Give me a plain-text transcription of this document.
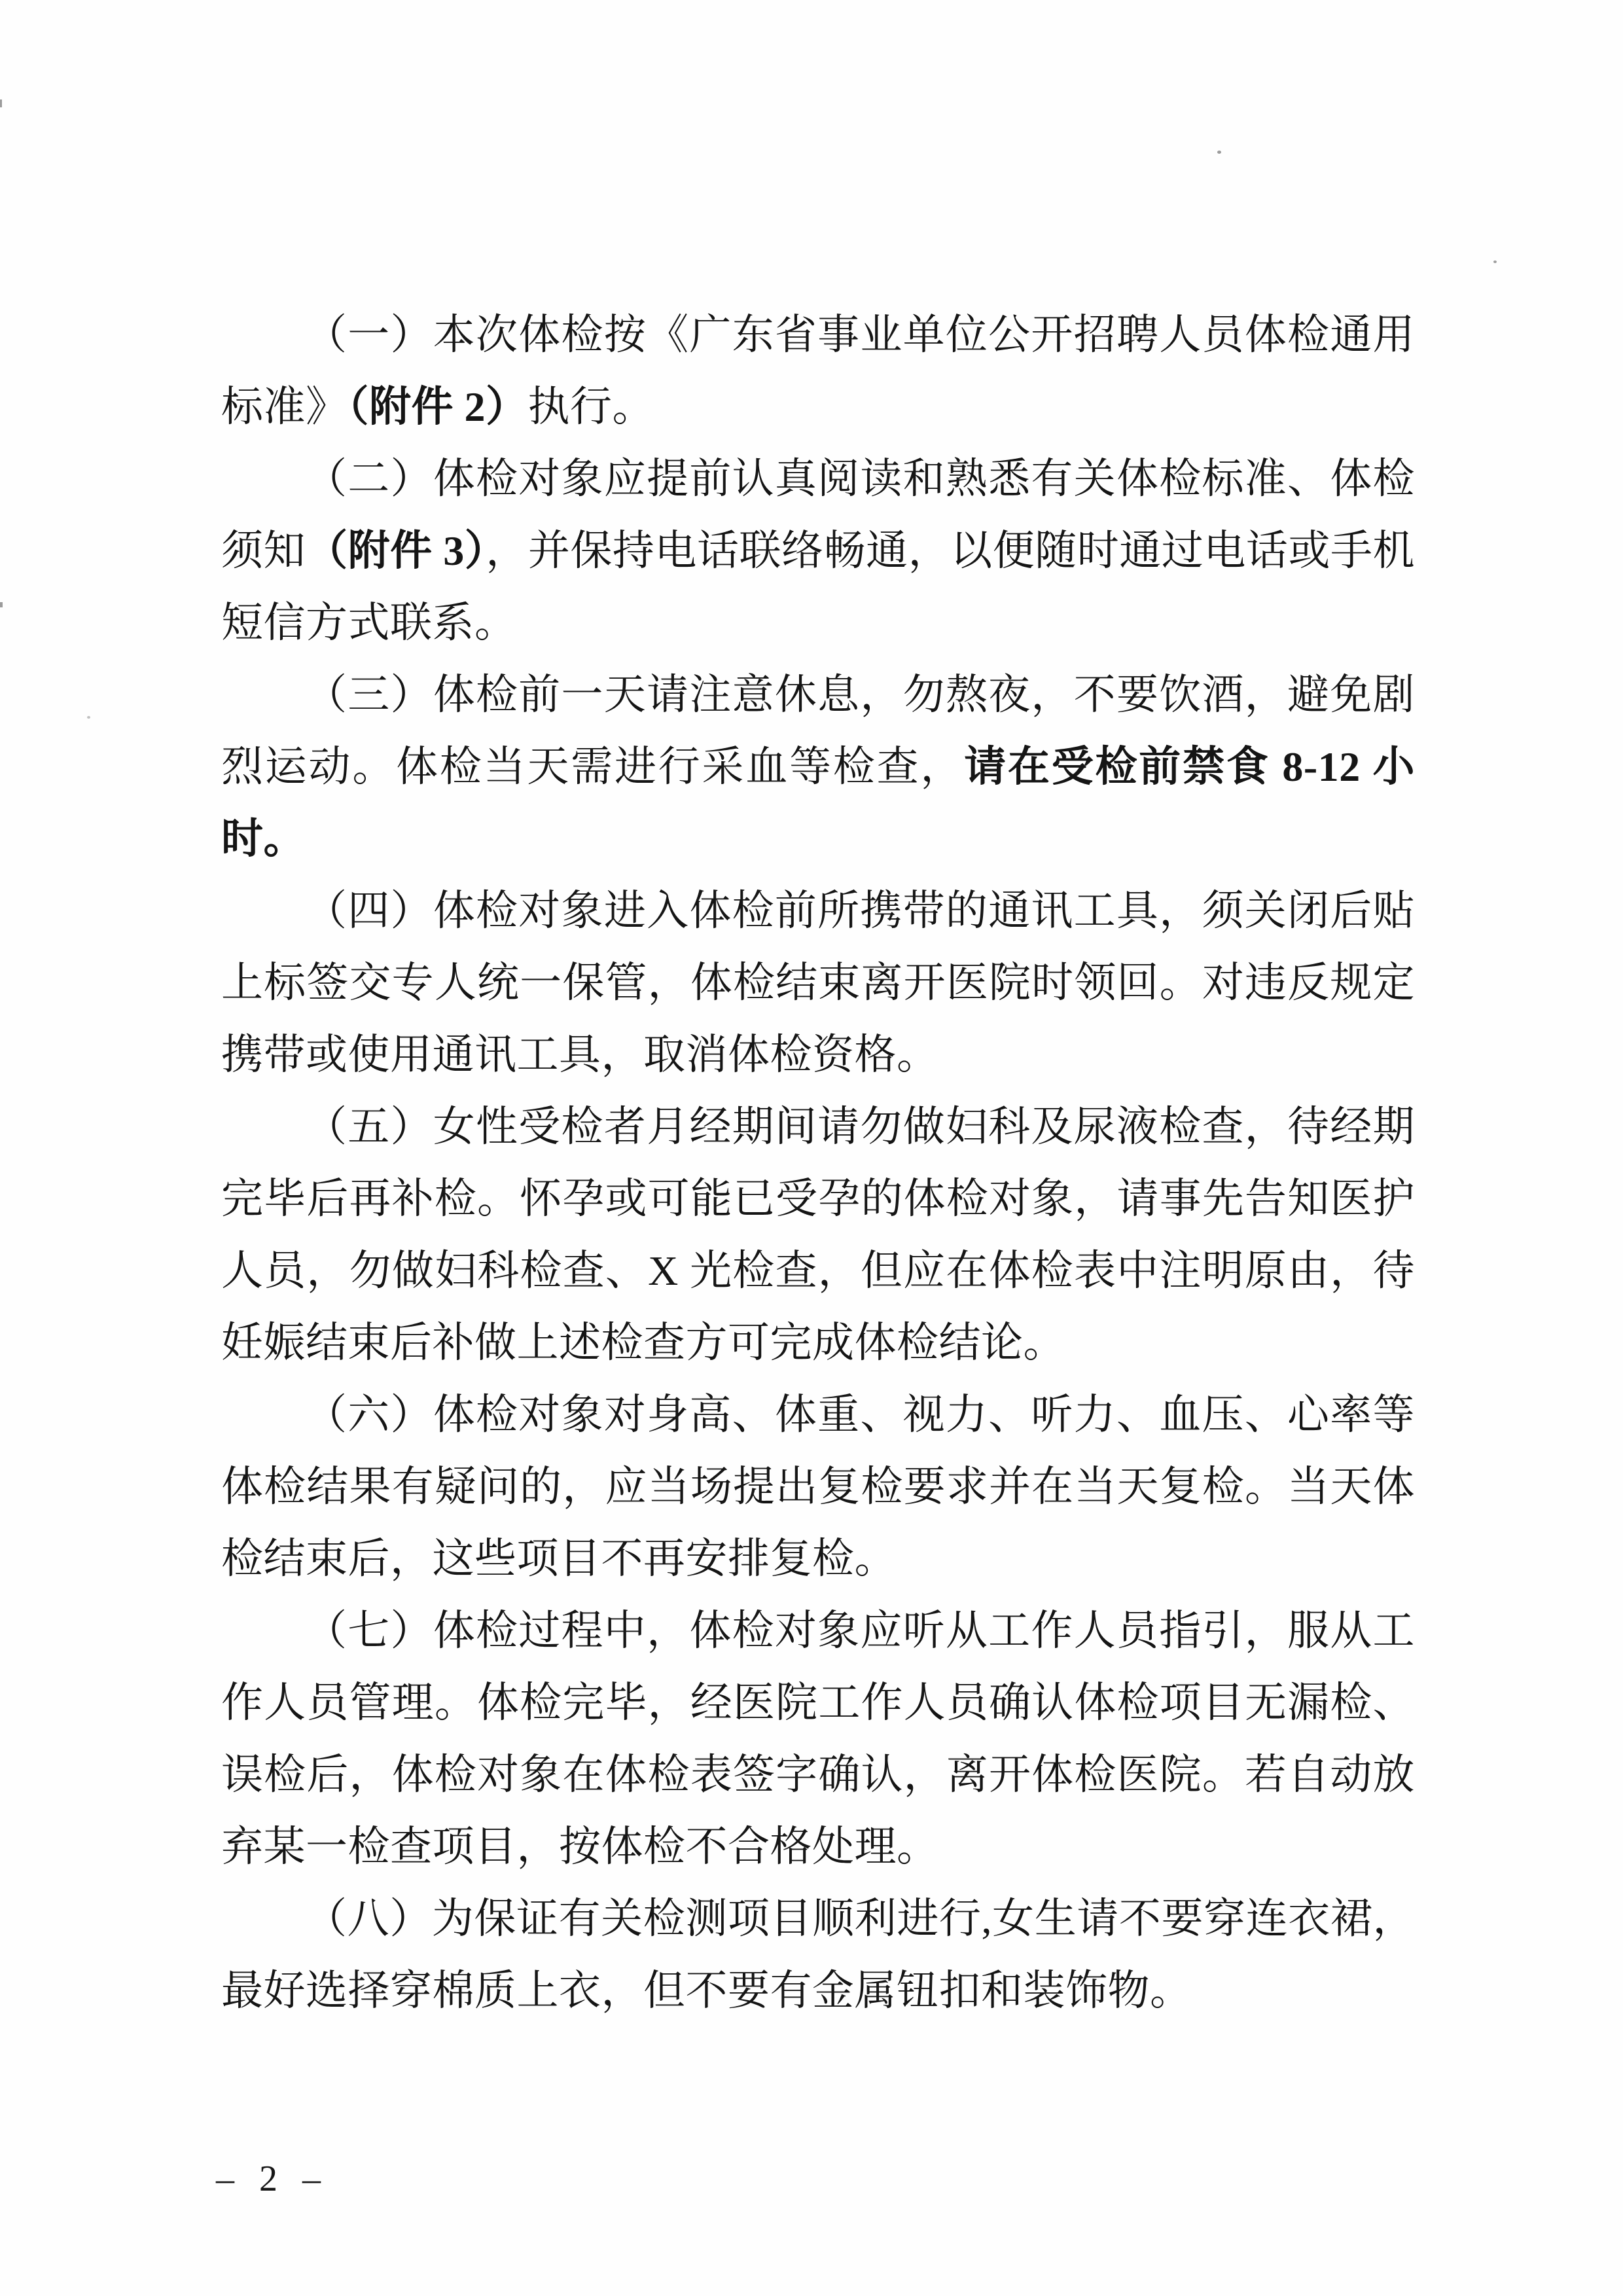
（一）本次体检按《广东省事业单位公开招聘人员体检通用标准》（附件 2）执行。

（二）体检对象应提前认真阅读和熟悉有关体检标准、体检须知（附件 3），并保持电话联络畅通，以便随时通过电话或手机短信方式联系。

（三）体检前一天请注意休息，勿熬夜，不要饮酒，避免剧烈运动。体检当天需进行采血等检查，请在受检前禁食 8-12 小时。

（四）体检对象进入体检前所携带的通讯工具，须关闭后贴上标签交专人统一保管，体检结束离开医院时领回。对违反规定携带或使用通讯工具，取消体检资格。

（五）女性受检者月经期间请勿做妇科及尿液检查，待经期完毕后再补检。怀孕或可能已受孕的体检对象，请事先告知医护人员，勿做妇科检查、X 光检查，但应在体检表中注明原由，待妊娠结束后补做上述检查方可完成体检结论。

（六）体检对象对身高、体重、视力、听力、血压、心率等体检结果有疑问的，应当场提出复检要求并在当天复检。当天体检结束后，这些项目不再安排复检。

（七）体检过程中，体检对象应听从工作人员指引，服从工作人员管理。体检完毕，经医院工作人员确认体检项目无漏检、误检后，体检对象在体检表签字确认，离开体检医院。若自动放弃某一检查项目，按体检不合格处理。

（八）为保证有关检测项目顺利进行,女生请不要穿连衣裙，最好选择穿棉质上衣，但不要有金属钮扣和装饰物。

– 2 –
